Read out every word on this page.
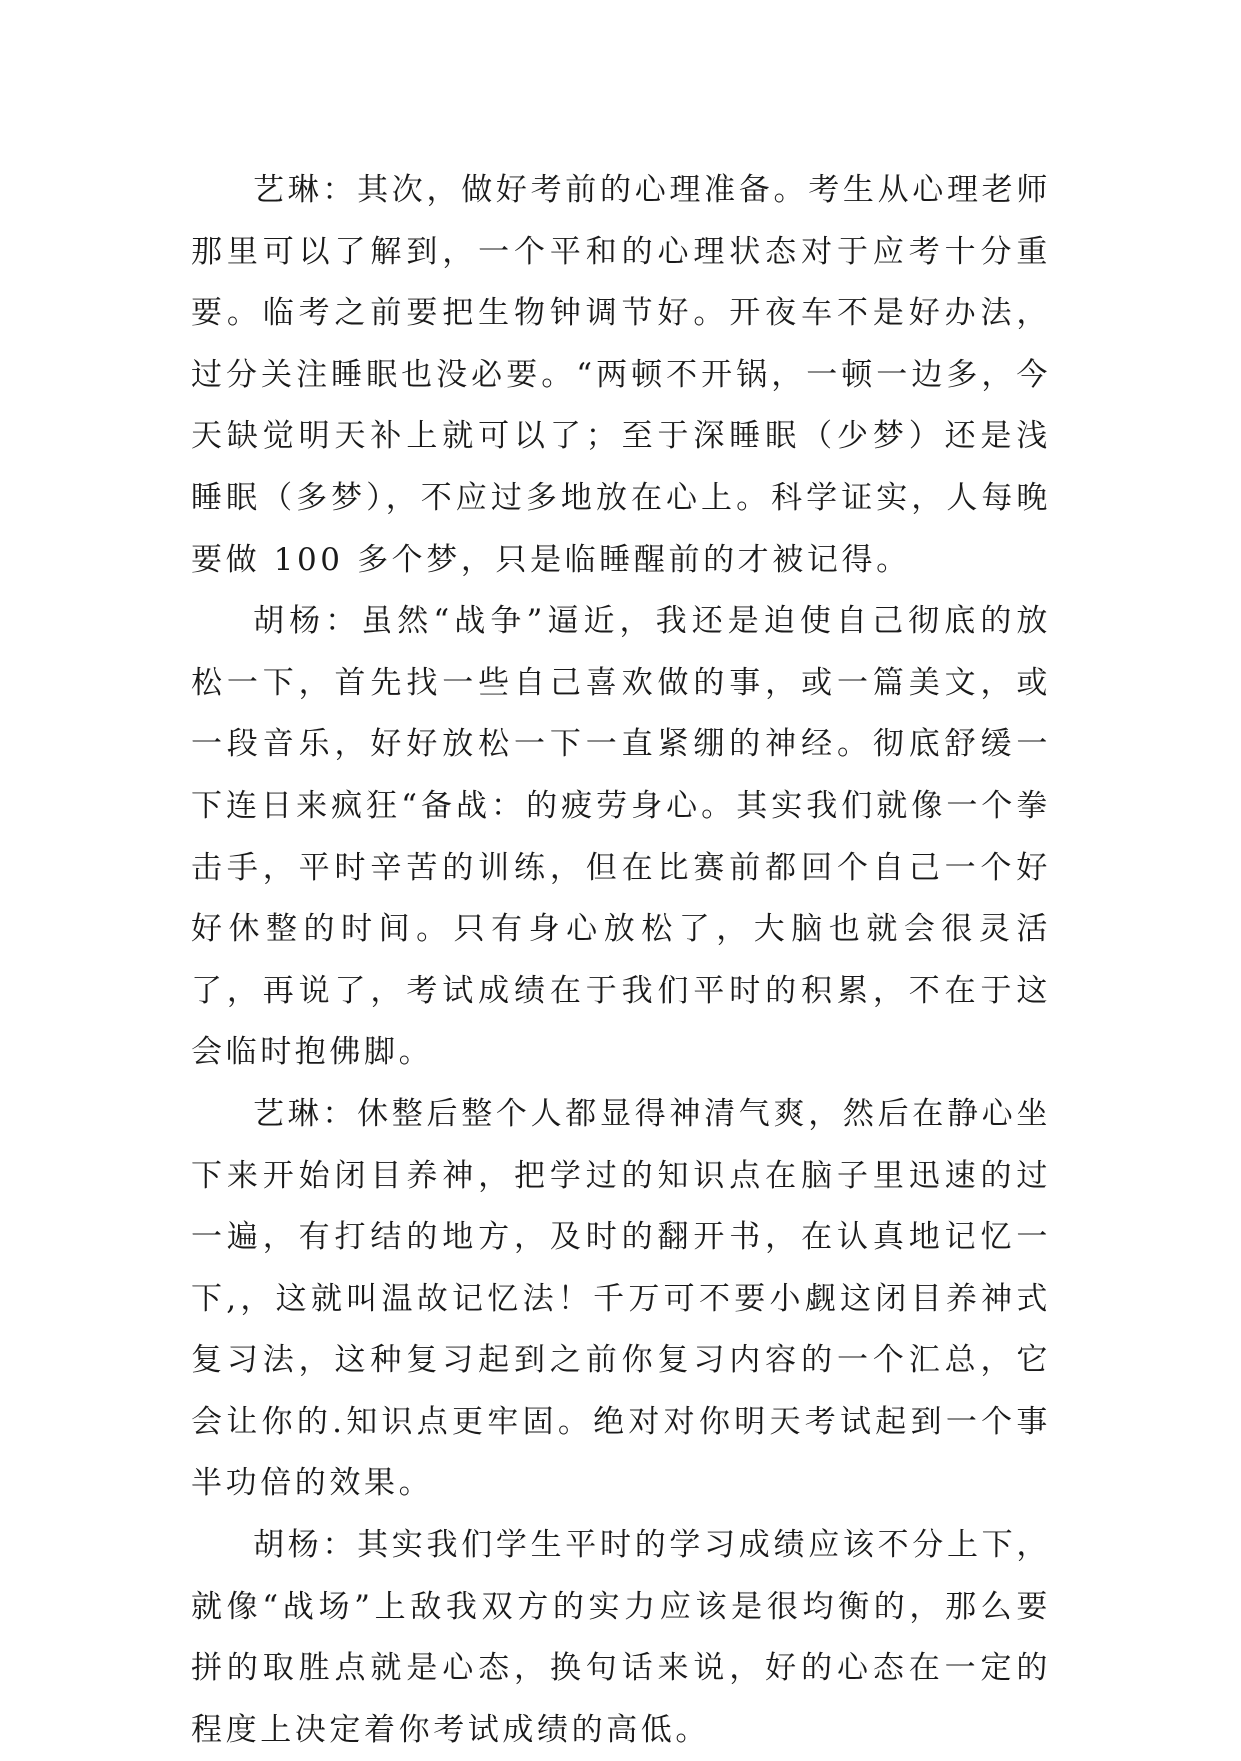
艺琳：其次，做好考前的心理准备。考生从心理老师那里可以了解到，一个平和的心理状态对于应考十分重要。临考之前要把生物钟调节好。开夜车不是好办法，过分关注睡眠也没必要。“两顿不开锅，一顿一边多，今天缺觉明天补上就可以了；至于深睡眠（少梦）还是浅睡眠（多梦），不应过多地放在心上。科学证实，人每晚要做 100 多个梦，只是临睡醒前的才被记得。

胡杨：虽然“战争”逼近，我还是迫使自己彻底的放松一下，首先找一些自己喜欢做的事，或一篇美文，或一段音乐，好好放松一下一直紧绷的神经。彻底舒缓一下连日来疯狂“备战：的疲劳身心。其实我们就像一个拳击手，平时辛苦的训练，但在比赛前都回个自己一个好好休整的时间。只有身心放松了，大脑也就会很灵活了，再说了，考试成绩在于我们平时的积累，不在于这会临时抱佛脚。

艺琳：休整后整个人都显得神清气爽，然后在静心坐下来开始闭目养神，把学过的知识点在脑子里迅速的过一遍，有打结的地方，及时的翻开书，在认真地记忆一下,，这就叫温故记忆法！千万可不要小觑这闭目养神式复习法，这种复习起到之前你复习内容的一个汇总，它会让你的.知识点更牢固。绝对对你明天考试起到一个事半功倍的效果。

胡杨：其实我们学生平时的学习成绩应该不分上下，就像“战场”上敌我双方的实力应该是很均衡的，那么要拼的取胜点就是心态，换句话来说，好的心态在一定的程度上决定着你考试成绩的高低。
